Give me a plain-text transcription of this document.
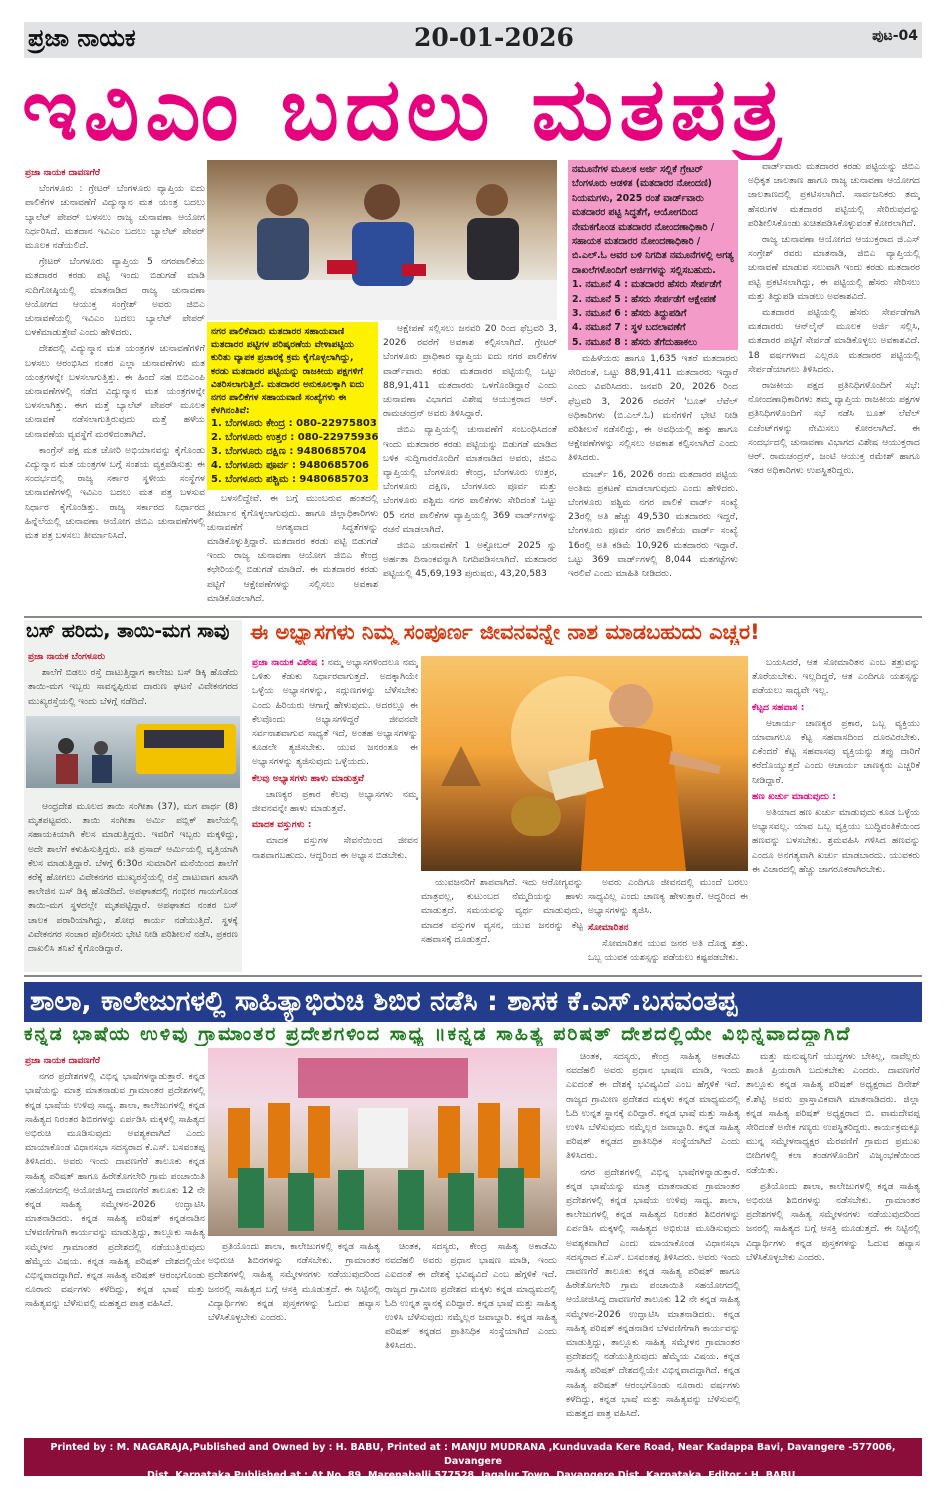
ಪ್ರಜಾ ನಾಯಕ	20-01-2026	ಪುಟ-04
ಇವಿಎಂ ಬದಲು ಮತಪತ್ರ

ಪ್ರಜಾ ನಾಯಕ ದಾವಣಗೆರೆ

ಬೆಂಗಳೂರು : ಗ್ರೇಟರ್ ಬೆಂಗಳೂರು ವ್ಯಾಪ್ತಿಯ ಐದು ಪಾಲಿಕೆಗಳ ಚುನಾವಣೆಗೆ ವಿದ್ಯುನ್ಮಾನ ಮತ ಯಂತ್ರ ಬದಲು ಬ್ಯಾಲೆಟ್ ಪೇಪರ್ ಬಳಸಲು ರಾಜ್ಯ ಚುನಾವಣಾ ಆಯೋಗ ನಿರ್ಧರಿಸಿದೆ. ಮತದಾನ ಇವಿಎಂ ಬದಲು ಬ್ಯಾಲೆಟ್ ಪೇಪರ್ ಮೂಲಕ ನಡೆಯಲಿದೆ.

ಗ್ರೇಟರ್ ಬೆಂಗಳೂರು ವ್ಯಾಪ್ತಿಯ 5 ನಗರಪಾಲಿಕೆಯ ಮತದಾರರ ಕರಡು ಪಟ್ಟಿ ಇಂದು ಬಿಡುಗಡೆ ಮಾಡಿ ಸುದಿಗೋಷ್ಠಿಯಲ್ಲಿ ಮಾತನಾಡಿದ ರಾಜ್ಯ ಚುನಾವಣಾ ಆಯೋಗದ ಆಯುಕ್ತ ಸಂಗ್ರೇಶ್ ಅವರು ಜಿಬಿಎ ಚುನಾವಣೆಯಲ್ಲಿ ಇವಿಎಂ ಬದಲು ಬ್ಯಾಲೆಟ್ ಪೇಪರ್ ಬಳಕೆಮಾಡುತ್ತೇವೆ ಎಂದು ಹೇಳಿದರು.

ದೇಶದಲ್ಲಿ ವಿದ್ಯುನ್ಮಾನ ಮತ ಯಂತ್ರಗಳ ಚುನಾವಣೆಗಳಿಗೆ ಬಳಸಲು ಆರಂಭಿಸಿದ ನಂತರ ಎಲ್ಲಾ ಚುನಾವಣೆಗಳು ಮತ ಯಂತ್ರಗಳನ್ನೇ ಬಳಸಲಾಗುತ್ತಿತ್ತು. ಈ ಹಿಂದೆ ಸಹ ಬಿಬಿಎಂಪಿ ಚುನಾವಣೆಗಳಲ್ಲಿ ನಡೆದ ವಿದ್ಯುನ್ಮಾನ ಮತ ಯಂತ್ರಗಳನ್ನೇ ಬಳಸಲಾಗಿತ್ತು. ಈಗ ಮತ್ತೆ ಬ್ಯಾಲೆಟ್ ಪೇಪರ್ ಮೂಲಕ ಚುನಾವಣೆ ನಡೆಸಲಾಗುತ್ತಿರುವುದು ಮತ್ತೆ ಹಳೆಯ ಚುನಾವಣೆಯ ವ್ಯವಸ್ಥೆಗೆ ಮರಳಿದಂತಾಗಿದೆ.

ಕಾಂಗ್ರೆಸ್ ಪಕ್ಷ ಮತ ಚೋರಿ ಅಭಿಯಾನವನ್ನು ಕೈಗೊಂಡು ವಿದ್ಯುನ್ಮಾನ ಮತ ಯಂತ್ರಗಳ ಬಗ್ಗೆ ಸಂಶಯ ವ್ಯಕ್ತಪಡಿಸುತ್ತು ಈ ಸಂದರ್ಭದಲ್ಲಿ ರಾಜ್ಯ ಸರ್ಕಾರ ಸ್ಥಳೀಯ ಸಂಸ್ಥೆಗಳ ಚುನಾವಣೆಗಳಲ್ಲಿ ಇವಿಎಂ ಬದಲು ಮತ ಪತ್ರ ಬಳಸುವ ನಿರ್ಧಾರ ಕೈಗೊಂಡಿತ್ತು. ರಾಜ್ಯ ಸರ್ಕಾರದ ನಿರ್ಧಾರದ ಹಿನ್ನೆಲೆಯಲ್ಲಿ ಚುನಾವಣಾ ಆಯೋಗ ಜಿಬಿಎ ಚುನಾವಣೆಗಳಲ್ಲಿ ಮತ ಪತ್ರ ಬಳಸಲು ತೀರ್ಮಾನಿಸಿದೆ.

ನಗರ ಪಾಲಿಕೆವಾರು ಮತದಾರರ ಸಹಾಯವಾಣಿ ಮತದಾರರ ಪಟ್ಟಿಗಳ ಪರಿಷ್ಕರಣೆಯ ವೇಳಾಪಟ್ಟಿಯ ಕುರಿತು ವ್ಯಾಪಕ ಪ್ರಚಾರಕ್ಕೆ ಕ್ರಮ ಕೈಗೊಳ್ಳಲಾಗಿದ್ದು, ಕರಡು ಮತದಾರರ ಪಟ್ಟಿಯನ್ನು ರಾಜಕೀಯ ಪಕ್ಷಗಳಿಗೆ ವಿತರಿಸಲಾಗುತ್ತಿದೆ. ಮತದಾರರ ಅನುಕೂಲಕ್ಕಾಗಿ ಐದು ನಗರ ಪಾಲಿಕೆಗಳ ಸಹಾಯವಾಣಿ ಸಂಖ್ಯೆಗಳು ಈ ಕೆಳಗಿನಂತಿವೆ:
1. ಬೆಂಗಳೂರು ಕೇಂದ್ರ : 080-22975803
2. ಬೆಂಗಳೂರು ಉತ್ತರ : 080-22975936
3. ಬೆಂಗಳೂರು ದಕ್ಷಿಣ : 9480685704
4. ಬೆಂಗಳೂರು ಪೂರ್ವ : 9480685706
5. ಬೆಂಗಳೂರು ಪಶ್ಚಿಮ : 9480685703

ಬಳಸಲಿದ್ದೇವೆ. ಈ ಬಗ್ಗೆ ಮುಂಬರುವ ಹಂತದಲ್ಲಿ ತೀರ್ಮಾನ ಕೈಗೊಳ್ಳಲಾಗುವುದು. ಹಾಗೂ ಜಿಲ್ಲಾಧಿಕಾರಿಗಳು ಚುನಾವಣೆಗೆ ಅಗತ್ಯವಾದ ಸಿದ್ಧತೆಗಳನ್ನು ಮಾಡಿಕೊಳ್ಳುತ್ತಿದ್ದಾರೆ. ಮತದಾರರ ಕರಡು ಪಟ್ಟಿ ಬಿಡುಗಡೆ ಇಂದು ರಾಜ್ಯ ಚುನಾವಣಾ ಆಯೋಗ ಜಿಬಿಎ ಕೇಂದ್ರ ಕಛೇರಿಯಲ್ಲಿ ಬಿಡುಗಡೆ ಮಾಡಿದೆ. ಈ ಮತದಾರರ ಕರಡು ಪಟ್ಟಿಗೆ ಆಕ್ಷೇಪಣೆಗಳನ್ನು ಸಲ್ಲಿಸಲು ಅವಕಾಶ ಮಾಡಿಕೊಡಲಾಗಿದೆ.

ಆಕ್ಷೇಪಣೆ ಸಲ್ಲಿಸಲು ಜನವರಿ 20 ರಿಂದ ಫೆಬ್ರವರಿ 3, 2026 ರವರೆಗೆ ಅವಕಾಶ ಕಲ್ಪಿಸಲಾಗಿದೆ. ಗ್ರೇಟರ್ ಬೆಂಗಳೂರು ಪ್ರಾಧಿಕಾರ ವ್ಯಾಪ್ತಿಯ ಐದು ನಗರ ಪಾಲಿಕೆಗಳ ವಾರ್ಡ್‌ವಾರು ಕರಡು ಮತದಾರರ ಪಟ್ಟಿಯಲ್ಲಿ ಒಟ್ಟು 88,91,411 ಮತದಾರರು ಒಳಗೊಂಡಿದ್ದಾರೆ ಎಂದು ಚುನಾವಣಾ ವಿಭಾಗದ ವಿಶೇಷ ಆಯುಕ್ತರಾದ ಆರ್. ರಾಮಚಂದ್ರನ್ ಅವರು ತಿಳಿಸಿದ್ದಾರೆ.

ಜಿಬಿಎ ವ್ಯಾಪ್ತಿಯಲ್ಲಿ ಚುನಾವಣೆಗೆ ಸಂಬಂಧಿಸಿದಂತೆ ಇಂದು ಮತದಾರರ ಕರಡು ಪಟ್ಟಿಯನ್ನು ಬಿಡುಗಡೆ ಮಾಡಿದ ಬಳಿಕ ಸುದ್ದಿಗಾರರೊಂದಿಗೆ ಮಾತನಾಡಿದ ಅವರು, ಜಿಬಿಎ ವ್ಯಾಪ್ತಿಯಲ್ಲಿ ಬೆಂಗಳೂರು ಕೇಂದ್ರ, ಬೆಂಗಳೂರು ಉತ್ತರ, ಬೆಂಗಳೂರು ದಕ್ಷಿಣ, ಬೆಂಗಳೂರು ಪೂರ್ವ ಮತ್ತು ಬೆಂಗಳೂರು ಪಶ್ಚಿಮ ನಗರ ಪಾಲಿಕೆಗಳು ಸೇರಿದಂತೆ ಒಟ್ಟು 05 ನಗರ ಪಾಲಿಕೆಗಳ ವ್ಯಾಪ್ತಿಯಲ್ಲಿ 369 ವಾರ್ಡ್‌ಗಳನ್ನು ರಚನೆ ಮಾಡಲಾಗಿದೆ.

ಜಿಬಿಎ ಚುನಾವಣೆಗೆ 1 ಅಕ್ಟೋಬರ್ 2025 ನ್ನು ಅರ್ಹತಾ ದಿನಾಂಕವನ್ನಾಗಿ ನಿಗದಿಪಡಿಸಲಾಗಿದೆ. ಮತದಾರರ ಪಟ್ಟಿಯಲ್ಲಿ 45,69,193 ಪುರುಷರು, 43,20,583

ನಮೂನೆಗಳ ಮೂಲಕ ಅರ್ಜಿ ಸಲ್ಲಿಕೆ ಗ್ರೇಟರ್ ಬೆಂಗಳೂರು ಆಡಳಿತ (ಮತದಾರರ ನೋಂದಣಿ) ನಿಯಮಗಳು, 2025 ರಂತೆ ವಾರ್ಡ್‌ವಾರು ಮತದಾರರ ಪಟ್ಟಿ ಸಿದ್ಧತೆಗೆ, ಆಯೋಗದಿಂದ ನೇಮಕಗೊಂಡ ಮತದಾರರ ನೋಂದಣಾಧಿಕಾರಿ / ಸಹಾಯಕ ಮತದಾರರ ನೋಂದಣಾಧಿಕಾರಿ / ಬಿ.ಎಲ್.ಓ ಅವರ ಬಳಿ ನಿಗದಿತ ನಮೂನೆಗಳಲ್ಲಿ ಅಗತ್ಯ ದಾಖಲೆಗಳೊಂದಿಗೆ ಅರ್ಜಿಗಳನ್ನು ಸಲ್ಲಿಸಬಹುದು.
1. ನಮೂನೆ 4 : ಮತದಾರರ ಹೆಸರು ಸೇರ್ಪಡೆಗೆ
2. ನಮೂನೆ 5 : ಹೆಸರು ಸೇರ್ಪಡೆಗೆ ಆಕ್ಷೇಪಣೆ
3. ನಮೂನೆ 6 : ಹೆಸರು ತಿದ್ದುಪಡಿಗೆ
4. ನಮೂನೆ 7 : ಸ್ಥಳ ಬದಲಾವಣೆಗೆ
5. ನಮೂನೆ 8 : ಹೆಸರು ತೆಗೆದುಹಾಕಲು

ಮಹಿಳೆಯರು ಹಾಗೂ 1,635 ಇತರೆ ಮತದಾರರು ಸೇರಿದಂತೆ, ಒಟ್ಟು 88,91,411 ಮತದಾರರು ಇದ್ದಾರೆ ಎಂದು ವಿವರಿಸಿದರು. ಜನವರಿ 20, 2026 ರಿಂದ ಫೆಬ್ರವರಿ 3, 2026 ರವರೆಗೆ 'ಬೂತ್ ಲೆವೆಲ್ ಅಧಿಕಾರಿಗಳು (ಬಿ.ಎಲ್.ಓ) ಮನೆಗಳಿಗೆ ಭೇಟಿ ನೀಡಿ ಪರಿಶೀಲನೆ ನಡೆಸಲಿದ್ದು, ಈ ಅವಧಿಯಲ್ಲಿ ಹಕ್ಕು ಹಾಗೂ ಆಕ್ಷೇಪಣೆಗಳನ್ನು ಸಲ್ಲಿಸಲು ಅವಕಾಶ ಕಲ್ಪಿಸಲಾಗಿದೆ ಎಂದು ತಿಳಿಸಿದರು.

ಮಾರ್ಚ್ 16, 2026 ರಂದು ಮತದಾರರ ಪಟ್ಟಿಯ ಅಂತಿಮ ಪ್ರಕಟಣೆ ಮಾಡಲಾಗುವುದು ಎಂದು ಹೇಳಿದರು. ಬೆಂಗಳೂರು ಪಶ್ಚಿಮ ನಗರ ಪಾಲಿಕೆ ವಾರ್ಡ್ ಸಂಖ್ಯೆ 23ರಲ್ಲಿ ಅತಿ ಹೆಚ್ಚು 49,530 ಮತದಾರರು ಇದ್ದರೆ, ಬೆಂಗಳೂರು ಪೂರ್ವ ನಗರ ಪಾಲಿಕೆಯ ವಾರ್ಡ್ ಸಂಖ್ಯೆ 16ರಲ್ಲಿ ಅತಿ ಕಡಿಮೆ 10,926 ಮತದಾರರು ಇದ್ದಾರೆ. ಒಟ್ಟು 369 ವಾರ್ಡ್‌ಗಳಲ್ಲಿ 8,044 ಮತಗಟ್ಟೆಗಳು ಇರಲಿವೆ ಎಂದು ಮಾಹಿತಿ ನೀಡಿದರು.

ವಾರ್ಡ್‌ವಾರು ಮತದಾರರ ಕರಡು ಪಟ್ಟಿಯನ್ನು ಜಿಬಿಎ ಅಧಿಕೃತ ಜಾಲತಾಣ ಹಾಗೂ ರಾಜ್ಯ ಚುನಾವಣಾ ಆಯೋಗದ ಜಾಲತಾಣದಲ್ಲಿ ಪ್ರಕಟಿಸಲಾಗಿದೆ. ಸಾರ್ವಜನಿಕರು ತಮ್ಮ ಹೆಸರುಗಳ ಮತದಾರರ ಪಟ್ಟಿಯಲ್ಲಿ ಸೇರಿರುವುದನ್ನು ಪರಿಶೀಲಿಸಿಕೊಂಡು ಖಚಿತಪಡಿಸಿಕೊಳ್ಳುವಂತೆ ಕೋರಲಾಗಿದೆ.

ರಾಜ್ಯ ಚುನಾವಣಾ ಆಯೋಗದ ಆಯುಕ್ತರಾದ ಜಿ.ಎಸ್ ಸಂಗ್ರೇಶ್ ರವರು ಮಾತನಾಡಿ, ಜಿಬಿಎ ವ್ಯಾಪ್ತಿಯಲ್ಲಿ ಚುನಾವಣೆ ಮಾಡುವ ಸಲುವಾಗಿ ಇಂದು ಕರಡು ಮತದಾರರ ಪಟ್ಟಿ ಪ್ರಕಟಿಸಲಾಗಿದ್ದು, ಈ ಪಟ್ಟಿಯಲ್ಲಿ ಹೆಸರು ಸೇರಿಸಲು ಮತ್ತು ತಿದ್ದುಪಡಿ ಮಾಡಲು ಅವಕಾಶವಿದೆ.

ಮತದಾರರ ಪಟ್ಟಿಯಲ್ಲಿ ಹೆಸರು ಸೇರ್ಪಡೆಗಾಗಿ ಮತದಾರರು ಆನ್‌ಲೈನ್ ಮೂಲಕ ಅರ್ಜಿ ಸಲ್ಲಿಸಿ, ಮತದಾರರ ಪಟ್ಟಿಗೆ ಸೇರ್ಪಡೆ ಮಾಡಿಕೊಳ್ಳಲು ಅವಕಾಶವಿದೆ. 18 ವರ್ಷಗಳಾದ ಎಲ್ಲರೂ ಮತದಾರರ ಪಟ್ಟಿಯಲ್ಲಿ ಸೇರ್ಪಡೆಯಾಗಲು ತಿಳಿಸಿದರು.

ರಾಜಕೀಯ ಪಕ್ಷದ ಪ್ರತಿನಿಧಿಗಳೊಂದಿಗೆ ಸಭೆ: ನೋಂದಣಾಧಿಕಾರಿಗಳು ತಮ್ಮ ವ್ಯಾಪ್ತಿಯ ರಾಜಕೀಯ ಪಕ್ಷಗಳ ಪ್ರತಿನಿಧಿಗಳೊಂದಿಗೆ ಸಭೆ ನಡೆಸಿ ಬೂತ್ ಲೆವೆಲ್ ಏಜೆಂಟ್‌ಗಳನ್ನು ನೇಮಿಸಲು ಕೋರಲಾಗಿದೆ. ಈ ಸಂದರ್ಭದಲ್ಲಿ ಚುನಾವಣಾ ವಿಭಾಗದ ವಿಶೇಷ ಆಯುಕ್ತರಾದ ಆರ್. ರಾಮಚಂದ್ರನ್, ಜಂಟಿ ಆಯುಕ್ತ ರಮೇಶ್ ಹಾಗೂ ಇತರ ಅಧಿಕಾರಿಗಳು ಉಪಸ್ಥಿತರಿದ್ದರು.

ಬಸ್ ಹರಿದು, ತಾಯಿ-ಮಗ ಸಾವು

ಪ್ರಜಾ ನಾಯಕ ಬೆಂಗಳೂರು

ಶಾಲೆಗೆ ಬಿಡಲು ರಸ್ತೆ ದಾಟುತ್ತಿದ್ದಾಗ ಕಾಲೇಜು ಬಸ್ ಡಿಕ್ಕಿ ಹೊಡೆದು ತಾಯಿ-ಮಗ ಇಬ್ಬರು ಸಾವನ್ನಪ್ಪಿರುವ ದಾರುಣ ಘಟನೆ ವಿವೇಕನಗರದ ಮುಖ್ಯರಸ್ತೆಯಲ್ಲಿ ಇಂದು ಬೆಳಗ್ಗೆ ನಡೆದಿದೆ.

ಆಂಧ್ರದೇಶ ಮೂಲದ ತಾಯಿ ಸಂಗೀತಾ (37), ಮಗ ಪಾರ್ಥ (8) ಮೃತಪಟ್ಟವರು. ತಾಯಿ ಸಂಗೀತಾ ಅರ್ಮಿ ಪಬ್ಲಿಕ್ ಶಾಲೆಯಲ್ಲಿ ಸಹಾಯಕಿಯಾಗಿ ಕೆಲಸ ಮಾಡುತ್ತಿದ್ದರು. ಇವರಿಗೆ ಇಬ್ಬರು ಮಕ್ಕಳಿದ್ದು, ಅದೇ ಶಾಲೆಗೆ ಕಳುಹಿಸುತ್ತಿದ್ದರು. ಪತಿ ಪ್ರಸಾದ್ ಆರ್ಮಿಯಲ್ಲಿ ವೃತ್ತಿಯಾಗಿ ಕೆಲಸ ಮಾಡುತ್ತಿದ್ದಾರೆ. ಬೆಳಗ್ಗೆ 6:30ರ ಸುಮಾರಿಗೆ ಮನೆಯಿಂದ ಶಾಲೆಗೆ ಕರೆಕ್ಕೆ ಹೋಗಲು ವಿವೇಕನಗರ ಮುಖ್ಯರಸ್ತೆಯಲ್ಲಿ ರಸ್ತೆ ದಾಟುವಾಗ ಖಾಸಗಿ ಕಾಲೇಜಿನ ಬಸ್ ಡಿಕ್ಕಿ ಹೊಡೆದಿದೆ. ಅಪಘಾತದಲ್ಲಿ ಗಂಭೀರ ಗಾಯಗೊಂಡ ತಾಯಿ-ಮಗ ಸ್ಥಳದಲ್ಲೇ ಮೃತಪಟ್ಟಿದ್ದಾರೆ. ಅಪಘಾತದ ನಂತರ ಬಸ್ ಚಾಲಕ ಪರಾರಿಯಾಗಿದ್ದು, ಶೋಧ ಕಾರ್ಯ ನಡೆಯುತ್ತಿದೆ. ಸ್ಥಳಕ್ಕೆ ವಿವೇಕನಗರ ಸಂಚಾರ ಪೊಲೀಸರು ಭೇಟಿ ನೀಡಿ ಪರಿಶೀಲನೆ ನಡೆಸಿ, ಪ್ರಕರಣ ದಾಖಲಿಸಿ ತನಿಖೆ ಕೈಗೊಂಡಿದ್ದಾರೆ.

ಈ ಅಭ್ಯಾಸಗಳು ನಿಮ್ಮ ಸಂಪೂರ್ಣ ಜೀವನವನ್ನೇ ನಾಶ ಮಾಡಬಹುದು ಎಚ್ಚರ!

ಪ್ರಜಾ ನಾಯಕ ವಿಶೇಷ : ನಮ್ಮ ಅಭ್ಯಾಸಗಳಿಂದಲೂ ನಮ್ಮ ಒಳಿತು ಕೆಡುಕು ನಿರ್ಧಾರವಾಗುತ್ತದೆ. ಅದಕ್ಕಾಗಿಯೇ ಒಳ್ಳೆಯ ಅಭ್ಯಾಸಗಳನ್ನು, ಸದ್ಗುಣಗಳನ್ನು ಬೆಳೆಸಬೇಕು ಎಂದು ಹಿರಿಯರು ಆಗಾಗ್ಗೆ ಹೇಳುವುದು. ಅದರಲ್ಲೂ ಈ ಕೆಲವೊಂದು ಅಭ್ಯಾಸಗಳಿದ್ದರೆ ಜೀವನವೇ ಸರ್ವನಾಶವಾಗುವ ಸಾಧ್ಯತೆ ಇದೆ, ಅಂತಹ ಅಭ್ಯಾಸಗಳನ್ನು ಕೂಡಲೇ ತ್ಯಜಿಸಬೇಕು. ಯುವ ಜನರಂತೂ ಈ ಅಭ್ಯಾಸಗಳನ್ನು ತ್ಯಜಿಸುವುದು ಒಳ್ಳೆಯದು.

ಕೆಲವು ಅಭ್ಯಾಸಗಳು ಹಾಳು ಮಾಡುತ್ತವೆ

ಚಾಣಕ್ಯರ ಪ್ರಕಾರ ಕೆಲವು ಅಭ್ಯಾಸಗಳು ನಮ್ಮ ಜೀವನವನ್ನೇ ಹಾಳು ಮಾಡುತ್ತವೆ.

ಮಾದಕ ವಸ್ತುಗಳು :

ಮಾದಕ ವಸ್ತುಗಳ ಸೇವನೆಯಿಂದ ಜೀವನ ನಾಶವಾಗಬಹುದು. ಆದ್ದರಿಂದ ಈ ಅಭ್ಯಾಸ ಬಿಡಬೇಕು.

ಯುವಜನರಿಗೆ ಶಾಪವಾಗಿದೆ. ಇದು ಆರೋಗ್ಯವನ್ನು ಮಾತ್ರವಲ್ಲ, ಕುಟುಂಬದ ನೆಮ್ಮದಿಯನ್ನು ಹಾಳು ಮಾಡುತ್ತದೆ. ಸಮಯವನ್ನು ವ್ಯರ್ಥ ಮಾಡುವುದು, ಮಾದಕ ವಸ್ತುಗಳ ವ್ಯಸನ, ಯುವ ಜನರನ್ನು ಕೆಟ್ಟ ಸಹವಾಸಕ್ಕೆ ದೂಡುತ್ತದೆ.

ಅವರು ಎಂದಿಗೂ ಜೀವನದಲ್ಲಿ ಮುಂದೆ ಬರಲು ಸಾಧ್ಯವಿಲ್ಲ ಎಂದು ಚಾಣಕ್ಯ ಹೇಳುತ್ತಾರೆ. ಆದ್ದರಿಂದ ಈ ಅಭ್ಯಾಸಗಳನ್ನು ತ್ಯಜಿಸಿ.

ಸೋಮಾರಿತನ

ಸೋಮಾರಿತನ ಯುವ ಜನರ ಅತಿ ದೊಡ್ಡ ಶತ್ರು. ಒಬ್ಬ ಯುವಕ ಯಶಸ್ಸನ್ನು ಪಡೆಯಲು ಕಷ್ಟಪಡಬೇಕು.

ಬಯಸಿದರೆ, ಆತ ಸೋಮಾರಿತನ ಎಂಬ ಶತ್ರುವನ್ನು ತೊರೆಯಬೇಕು. ಇಲ್ಲದಿದ್ದರೆ, ಆತ ಎಂದಿಗೂ ಯಶಸ್ಸನ್ನು ಪಡೆಯಲು ಸಾಧ್ಯವೇ ಇಲ್ಲ.

ಕೆಟ್ಟದ ಸಹವಾಸ :

ಆಚಾರ್ಯ ಚಾಣಕ್ಯರ ಪ್ರಕಾರ, ಒಬ್ಬ ವ್ಯಕ್ತಿಯು ಯಾವಾಗಲೂ ಕೆಟ್ಟ ಸಹವಾಸದಿಂದ ದೂರವಿರಬೇಕು. ಏಕೆಂದರೆ ಕೆಟ್ಟ ಸಹವಾಸವು ವ್ಯಕ್ತಿಯನ್ನು ತಪ್ಪು ದಾರಿಗೆ ಕರೆದೊಯ್ಯುತ್ತದೆ ಎಂದು ಆಚಾರ್ಯ ಚಾಣಕ್ಯರು ಎಚ್ಚರಿಕೆ ನೀಡಿದ್ದಾರೆ.

ಹಣ ಖರ್ಚು ಮಾಡುವುದು :

ಅತಿಯಾದ ಹಣ ಖರ್ಚು ಮಾಡುವುದು ಕೂಡ ಒಳ್ಳೆಯ ಅಭ್ಯಾಸವಲ್ಲ. ಯಾವ ಒಬ್ಬ ವ್ಯಕ್ತಿಯು ಬುದ್ಧಿವಂತಿಕೆಯಿಂದ ಹಣವನ್ನು ಬಳಸಬೇಕು. ಶ್ರಮವಹಿಸಿ ಗಳಿಸಿದ ಹಣವನ್ನು ಎಂದೂ ಅನಗತ್ಯವಾಗಿ ಖರ್ಚು ಮಾಡಬಾರದು. ಯುವಕರು ಈ ವಿಚಾರದಲ್ಲಿ ಹೆಚ್ಚು ಜಾಗರೂಕರಾಗಿರಬೇಕು.

ಶಾಲಾ, ಕಾಲೇಜುಗಳಲ್ಲಿ ಸಾಹಿತ್ಯಾಭಿರುಚಿ ಶಿಬಿರ ನಡೆಸಿ : ಶಾಸಕ ಕೆ.ಎಸ್.ಬಸವಂತಪ್ಪ
ಕನ್ನಡ ಭಾಷೆಯ ಉಳಿವು ಗ್ರಾಮಾಂತರ ಪ್ರದೇಶಗಳಿಂದ ಸಾಧ್ಯ ॥ಕನ್ನಡ ಸಾಹಿತ್ಯ ಪರಿಷತ್ ದೇಶದಲ್ಲಿಯೇ ವಿಭಿನ್ನವಾದದ್ದಾಗಿದೆ

ಪ್ರಜಾ ನಾಯಕ ದಾವಣಗೆರೆ

ನಗರ ಪ್ರದೇಶಗಳಲ್ಲಿ ವಿಭಿನ್ನ ಭಾಷೆಗಳನ್ನಾಡುತ್ತಾರೆ. ಕನ್ನಡ ಭಾಷೆಯನ್ನು ಮಾತ್ರ ಮಾತನಾಡುವ ಗ್ರಾಮಾಂತರ ಪ್ರದೇಶಗಳಲ್ಲಿ ಕನ್ನಡ ಭಾಷೆಯ ಉಳಿವು ಸಾಧ್ಯ. ಶಾಲಾ, ಕಾಲೇಜುಗಳಲ್ಲಿ ಕನ್ನಡ ಸಾಹಿತ್ಯದ ನಿರಂತರ ಶಿಬಿರಗಳನ್ನು ಏರ್ಪಡಿಸಿ ಮಕ್ಕಳಲ್ಲಿ ಸಾಹಿತ್ಯದ ಅಭಿರುಚಿ ಮೂಡಿಸುವುದು ಅವಶ್ಯಕವಾಗಿದೆ ಎಂದು ಮಾಯಾಕೊಂಡ ವಿಧಾನಸಭಾ ಸದಸ್ಯರಾದ ಕೆ.ಎಸ್. ಬಸವಂತಪ್ಪ ತಿಳಿಸಿದರು. ಅವರು ಇಂದು ದಾವಣಗೆರೆ ತಾಲೂಕು ಕನ್ನಡ ಸಾಹಿತ್ಯ ಪರಿಷತ್ ಹಾಗೂ ಹಿರೇತೊಗಲೇರಿ ಗ್ರಾಮ ಪಂಚಾಯಿತಿ ಸಹಯೋಗದಲ್ಲಿ ಆಯೋಜಿಸಿದ್ದ ದಾವಣಗೆರೆ ತಾಲೂಕು 12 ನೇ ಕನ್ನಡ ಸಾಹಿತ್ಯ ಸಮ್ಮೇಳನ-2026 ಉದ್ಘಾಟಿಸಿ ಮಾತನಾಡಿದರು. ಕನ್ನಡ ಸಾಹಿತ್ಯ ಪರಿಷತ್ ಕನ್ನಡನಾಡಿನ ಬೆಳವಣಿಗೆಗಾಗಿ ಕಾರ್ಯವನ್ನು ಮಾಡುತ್ತಿದ್ದು, ತಾಲ್ಲೂಕು ಸಾಹಿತ್ಯ ಸಮ್ಮೇಳನ ಗ್ರಾಮಾಂತರ ಪ್ರದೇಶದಲ್ಲಿ ನಡೆಯುತ್ತಿರುವುದು ಹೆಮ್ಮೆಯ ವಿಷಯ. ಕನ್ನಡ ಸಾಹಿತ್ಯ ಪರಿಷತ್ ದೇಶದಲ್ಲಿಯೇ ವಿಭಿನ್ನವಾದದ್ದಾಗಿದೆ. ಕನ್ನಡ ಸಾಹಿತ್ಯ ಪರಿಷತ್ ಆರಂಭಗೊಂಡು ನೂರಾರು ವರ್ಷಗಳು ಕಳೆದಿದ್ದು, ಕನ್ನಡ ಭಾಷೆ ಮತ್ತು ಸಾಹಿತ್ಯವನ್ನು ಬೆಳೆಸುವಲ್ಲಿ ಮಹತ್ವದ ಪಾತ್ರ ವಹಿಸಿದೆ.

ಪ್ರತಿಯೊಂದು ಶಾಲಾ, ಕಾಲೇಜುಗಳಲ್ಲಿ ಕನ್ನಡ ಸಾಹಿತ್ಯ ಅಭಿರುಚಿ ಶಿಬಿರಗಳನ್ನು ನಡೆಸಬೇಕು. ಗ್ರಾಮಾಂತರ ಪ್ರದೇಶಗಳಲ್ಲಿ ಸಾಹಿತ್ಯ ಸಮ್ಮೇಳನಗಳು ನಡೆಯುವುದರಿಂದ ಜನರಲ್ಲಿ ಸಾಹಿತ್ಯದ ಬಗ್ಗೆ ಆಸಕ್ತಿ ಮೂಡುತ್ತದೆ. ಈ ನಿಟ್ಟಿನಲ್ಲಿ ವಿದ್ಯಾರ್ಥಿಗಳು ಕನ್ನಡ ಪುಸ್ತಕಗಳನ್ನು ಓದುವ ಹವ್ಯಾಸ ಬೆಳೆಸಿಕೊಳ್ಳಬೇಕು ಎಂದರು.

ಚಿಂತಕ, ಸದಸ್ಯರು, ಕೇಂದ್ರ ಸಾಹಿತ್ಯ ಅಕಾಡೆಮಿ ನವದೆಹಲಿ ಅವರು ಪ್ರಧಾನ ಭಾಷಣ ಮಾಡಿ, ಇಂದು ಎಐದಂತೆ ಈ ದೇಶಕ್ಕೆ ಭವಿಷ್ಯವಿದೆ ಎಂಬ ಹೆಗ್ಗಳಿಕೆ ಇದೆ. ರಾಜ್ಯದ ಗ್ರಾಮೀಣ ಪ್ರದೇಶದ ಮಕ್ಕಳು ಕನ್ನಡ ಮಾಧ್ಯಮದಲ್ಲಿ ಓದಿ ಉನ್ನತ ಸ್ಥಾನಕ್ಕೆ ಏರಿದ್ದಾರೆ. ಕನ್ನಡ ಭಾಷೆ ಮತ್ತು ಸಾಹಿತ್ಯ ಉಳಿಸಿ ಬೆಳೆಸುವುದು ನಮ್ಮೆಲ್ಲರ ಜವಾಬ್ದಾರಿ. ಕನ್ನಡ ಸಾಹಿತ್ಯ ಪರಿಷತ್ ಕನ್ನಡದ ಪ್ರಾತಿನಿಧಿಕ ಸಂಸ್ಥೆಯಾಗಿದೆ ಎಂದು ತಿಳಿಸಿದರು.

ಚಿಂತಕ, ಸದಸ್ಯರು, ಕೇಂದ್ರ ಸಾಹಿತ್ಯ ಅಕಾಡೆಮಿ ನವದೆಹಲಿ ಅವರು ಪ್ರಧಾನ ಭಾಷಣ ಮಾಡಿ, ಇಂದು ಎಐದಂತೆ ಈ ದೇಶಕ್ಕೆ ಭವಿಷ್ಯವಿದೆ ಎಂಬ ಹೆಗ್ಗಳಿಕೆ ಇದೆ. ರಾಜ್ಯದ ಗ್ರಾಮೀಣ ಪ್ರದೇಶದ ಮಕ್ಕಳು ಕನ್ನಡ ಮಾಧ್ಯಮದಲ್ಲಿ ಓದಿ ಉನ್ನತ ಸ್ಥಾನಕ್ಕೆ ಏರಿದ್ದಾರೆ. ಕನ್ನಡ ಭಾಷೆ ಮತ್ತು ಸಾಹಿತ್ಯ ಉಳಿಸಿ ಬೆಳೆಸುವುದು ನಮ್ಮೆಲ್ಲರ ಜವಾಬ್ದಾರಿ. ಕನ್ನಡ ಸಾಹಿತ್ಯ ಪರಿಷತ್ ಕನ್ನಡದ ಪ್ರಾತಿನಿಧಿಕ ಸಂಸ್ಥೆಯಾಗಿದೆ ಎಂದು ತಿಳಿಸಿದರು.

ನಗರ ಪ್ರದೇಶಗಳಲ್ಲಿ ವಿಭಿನ್ನ ಭಾಷೆಗಳನ್ನಾಡುತ್ತಾರೆ. ಕನ್ನಡ ಭಾಷೆಯನ್ನು ಮಾತ್ರ ಮಾತನಾಡುವ ಗ್ರಾಮಾಂತರ ಪ್ರದೇಶಗಳಲ್ಲಿ ಕನ್ನಡ ಭಾಷೆಯ ಉಳಿವು ಸಾಧ್ಯ. ಶಾಲಾ, ಕಾಲೇಜುಗಳಲ್ಲಿ ಕನ್ನಡ ಸಾಹಿತ್ಯದ ನಿರಂತರ ಶಿಬಿರಗಳನ್ನು ಏರ್ಪಡಿಸಿ ಮಕ್ಕಳಲ್ಲಿ ಸಾಹಿತ್ಯದ ಅಭಿರುಚಿ ಮೂಡಿಸುವುದು ಅವಶ್ಯಕವಾಗಿದೆ ಎಂದು ಮಾಯಾಕೊಂಡ ವಿಧಾನಸಭಾ ಸದಸ್ಯರಾದ ಕೆ.ಎಸ್. ಬಸವಂತಪ್ಪ ತಿಳಿಸಿದರು. ಅವರು ಇಂದು ದಾವಣಗೆರೆ ತಾಲೂಕು ಕನ್ನಡ ಸಾಹಿತ್ಯ ಪರಿಷತ್ ಹಾಗೂ ಹಿರೇತೊಗಲೇರಿ ಗ್ರಾಮ ಪಂಚಾಯಿತಿ ಸಹಯೋಗದಲ್ಲಿ ಆಯೋಜಿಸಿದ್ದ ದಾವಣಗೆರೆ ತಾಲೂಕು 12 ನೇ ಕನ್ನಡ ಸಾಹಿತ್ಯ ಸಮ್ಮೇಳನ-2026 ಉದ್ಘಾಟಿಸಿ ಮಾತನಾಡಿದರು. ಕನ್ನಡ ಸಾಹಿತ್ಯ ಪರಿಷತ್ ಕನ್ನಡನಾಡಿನ ಬೆಳವಣಿಗೆಗಾಗಿ ಕಾರ್ಯವನ್ನು ಮಾಡುತ್ತಿದ್ದು, ತಾಲ್ಲೂಕು ಸಾಹಿತ್ಯ ಸಮ್ಮೇಳನ ಗ್ರಾಮಾಂತರ ಪ್ರದೇಶದಲ್ಲಿ ನಡೆಯುತ್ತಿರುವುದು ಹೆಮ್ಮೆಯ ವಿಷಯ. ಕನ್ನಡ ಸಾಹಿತ್ಯ ಪರಿಷತ್ ದೇಶದಲ್ಲಿಯೇ ವಿಭಿನ್ನವಾದದ್ದಾಗಿದೆ. ಕನ್ನಡ ಸಾಹಿತ್ಯ ಪರಿಷತ್ ಆರಂಭಗೊಂಡು ನೂರಾರು ವರ್ಷಗಳು ಕಳೆದಿದ್ದು, ಕನ್ನಡ ಭಾಷೆ ಮತ್ತು ಸಾಹಿತ್ಯವನ್ನು ಬೆಳೆಸುವಲ್ಲಿ ಮಹತ್ವದ ಪಾತ್ರ ವಹಿಸಿದೆ.

ಮತ್ತು ಮನುಷ್ಯನಿಗೆ ಯುದ್ಧಗಳು ಬೇಕಿಲ್ಲ, ನಾವೆಲ್ಲರು ಶಾಂತಿ ಪ್ರಿಯರಾಗಿ ಬದುಕಬೇಕು ಎಂದರು. ದಾವಣಗೆರೆ ತಾಲ್ಲೂಕು ಕನ್ನಡ ಸಾಹಿತ್ಯ ಪರಿಷತ್ ಅಧ್ಯಕ್ಷರಾದ ದಿನೇಶ್ ಕೆ.ಶೆಟ್ಟಿ ಅವರು ಪ್ರಾಸ್ತಾವಿಕವಾಗಿ ಮಾತನಾಡಿದರು. ಜಿಲ್ಲಾ ಕನ್ನಡ ಸಾಹಿತ್ಯ ಪರಿಷತ್ ಅಧ್ಯಕ್ಷರಾದ ಬಿ. ವಾಮದೇವಪ್ಪ ಸೇರಿದಂತೆ ಅನೇಕ ಗಣ್ಯರು ಉಪಸ್ಥಿತರಿದ್ದರು. ಕಾರ್ಯಕ್ರಮಕ್ಕೂ ಮುನ್ನ ಸಮ್ಮೇಳನಾಧ್ಯಕ್ಷರ ಮೆರವಣಿಗೆ ಗ್ರಾಮದ ಪ್ರಮುಖ ಬೀದಿಗಳಲ್ಲಿ ಕಲಾ ತಂಡಗಳೊಂದಿಗೆ ವಿಜೃಂಭಣೆಯಿಂದ ನಡೆಯಿತು.

ಪ್ರತಿಯೊಂದು ಶಾಲಾ, ಕಾಲೇಜುಗಳಲ್ಲಿ ಕನ್ನಡ ಸಾಹಿತ್ಯ ಅಭಿರುಚಿ ಶಿಬಿರಗಳನ್ನು ನಡೆಸಬೇಕು. ಗ್ರಾಮಾಂತರ ಪ್ರದೇಶಗಳಲ್ಲಿ ಸಾಹಿತ್ಯ ಸಮ್ಮೇಳನಗಳು ನಡೆಯುವುದರಿಂದ ಜನರಲ್ಲಿ ಸಾಹಿತ್ಯದ ಬಗ್ಗೆ ಆಸಕ್ತಿ ಮೂಡುತ್ತದೆ. ಈ ನಿಟ್ಟಿನಲ್ಲಿ ವಿದ್ಯಾರ್ಥಿಗಳು ಕನ್ನಡ ಪುಸ್ತಕಗಳನ್ನು ಓದುವ ಹವ್ಯಾಸ ಬೆಳೆಸಿಕೊಳ್ಳಬೇಕು ಎಂದರು.

Printed by : M. NAGARAJA,Published and Owned by : H. BABU, Printed at : MANJU MUDRANA ,Kunduvada Kere Road, Near Kadappa Bavi, Davangere -577006, Davangere
Dist, Karnataka Published at : At No .89, Marenahalli 577528, Jagalur Town, Davangere Dist, Karnataka. Editor : H. BABU.
